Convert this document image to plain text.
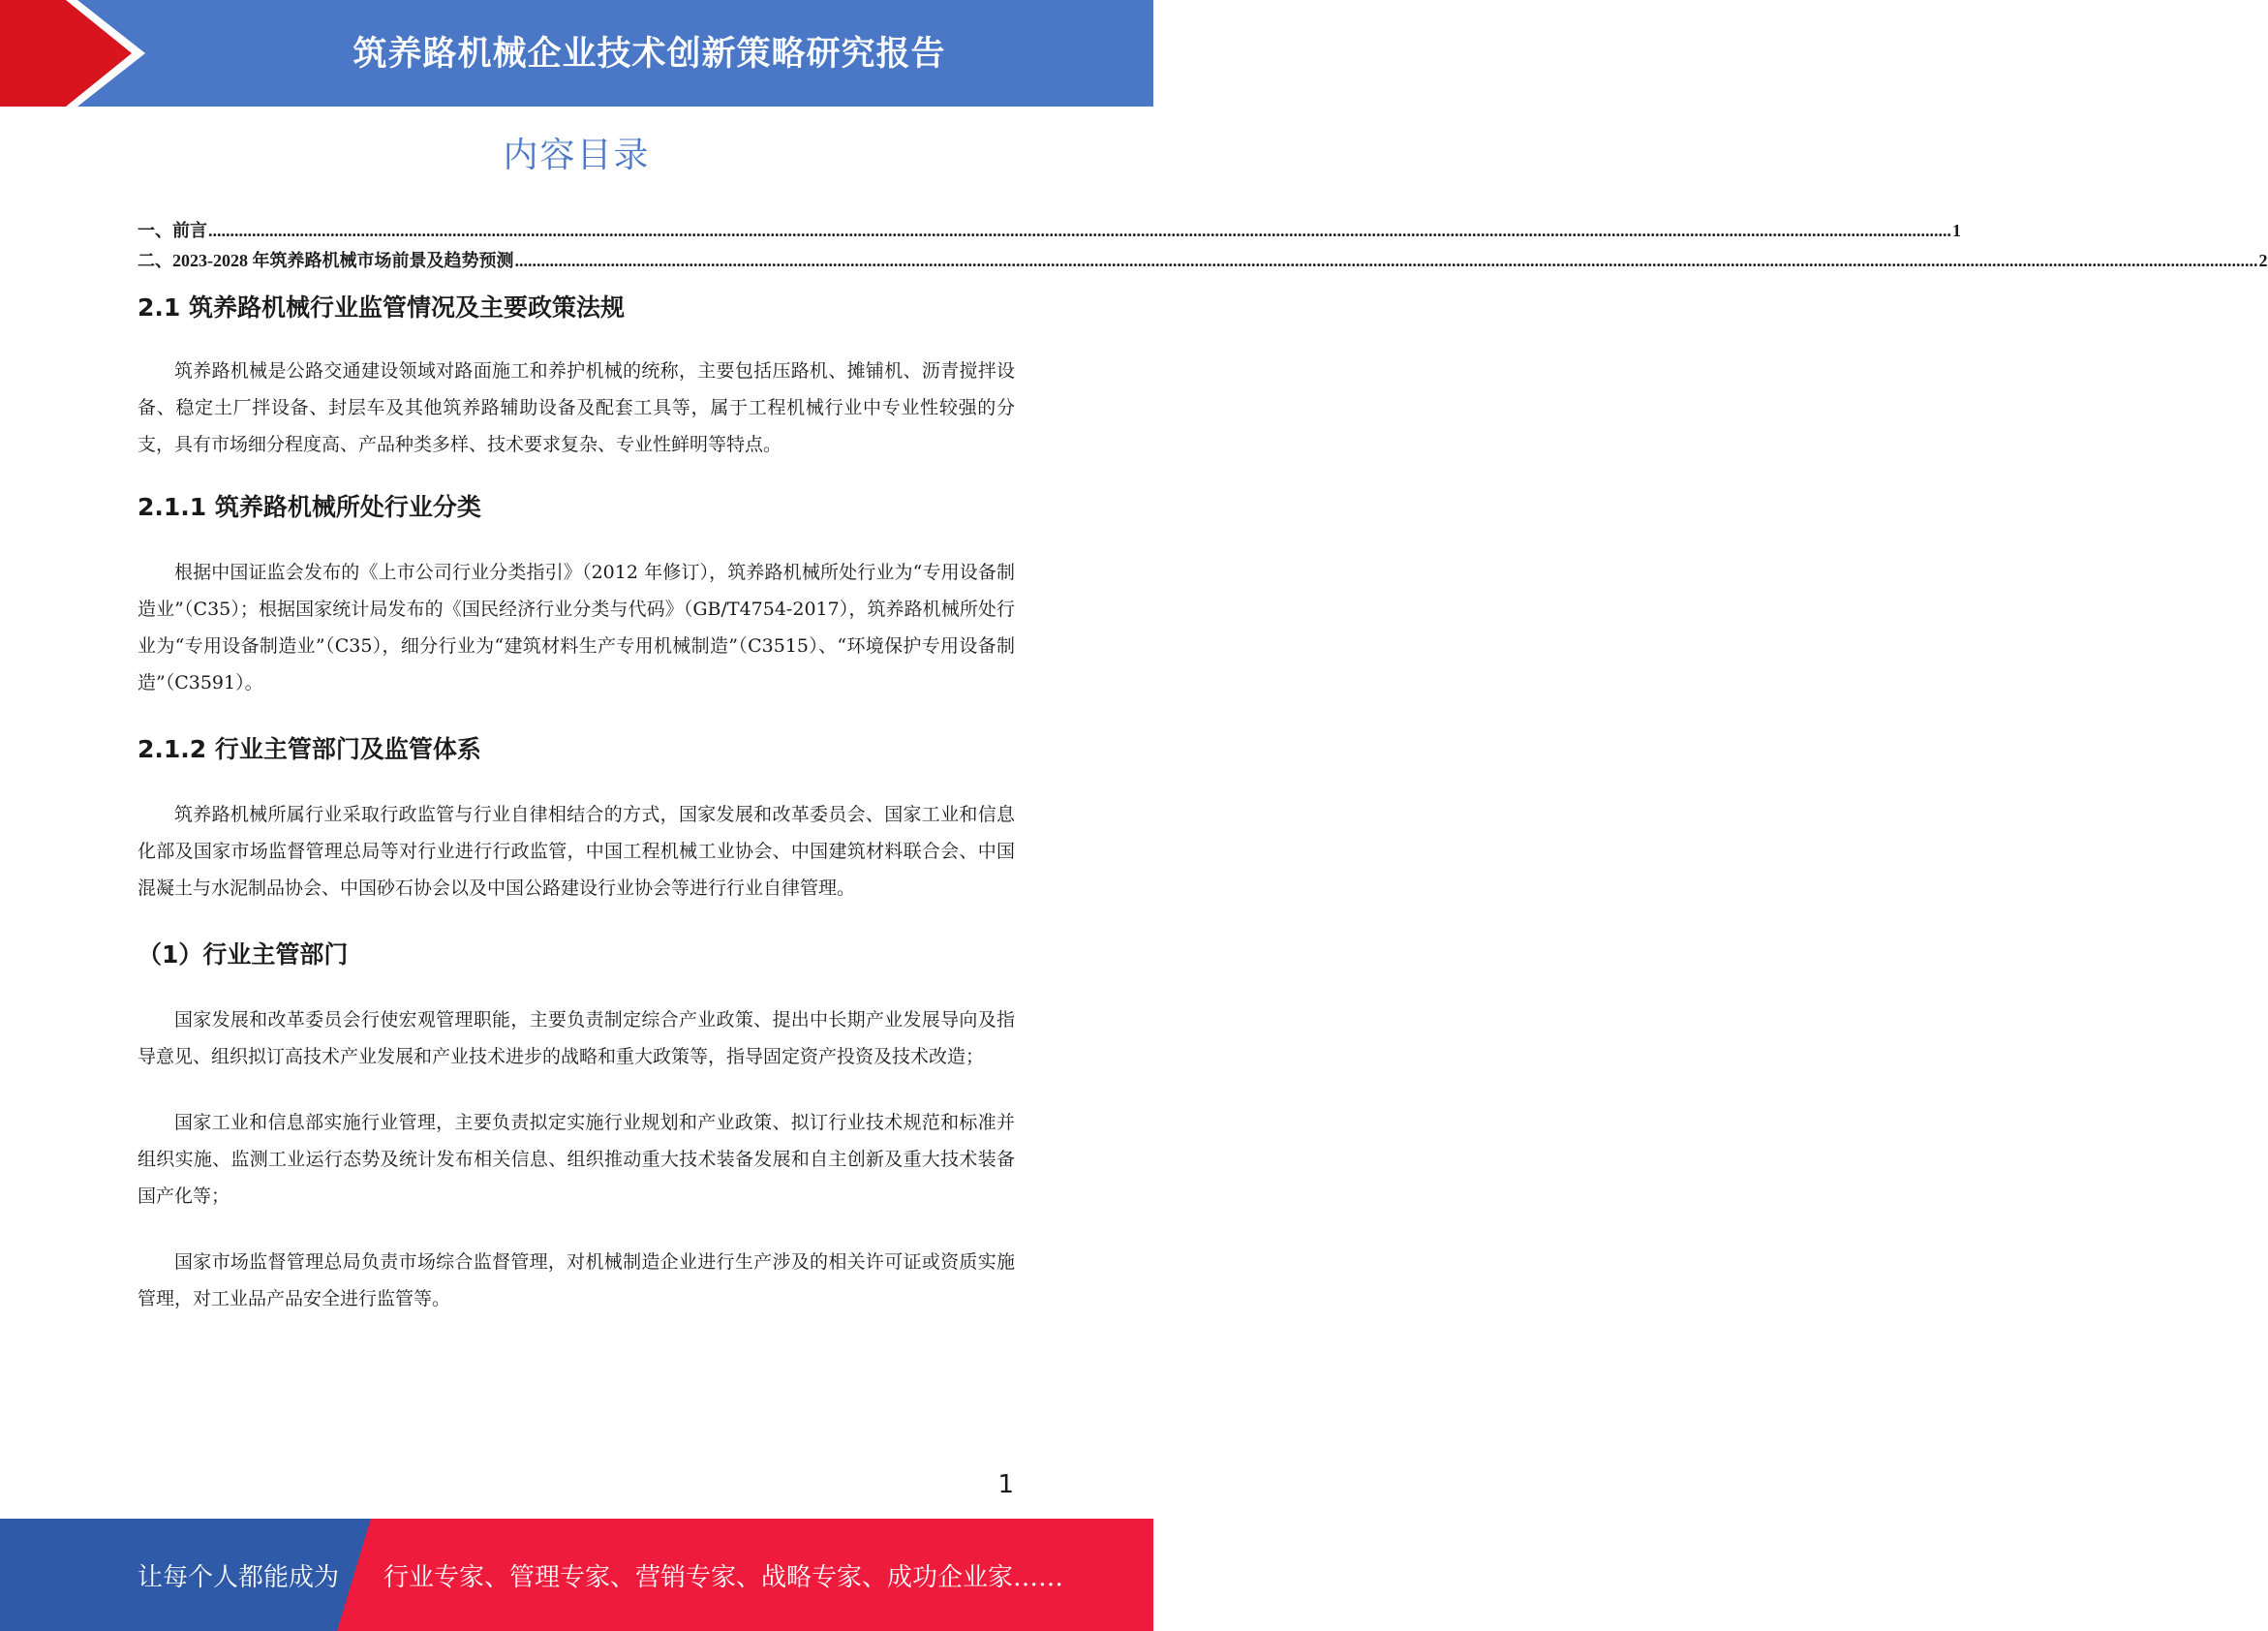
筑养路机械企业技术创新策略研究报告
内容目录
一、前言 ................................................................................................................................................................................................................................................................................................................................................................................................................ 1
二、2023-2028 年筑养路机械市场前景及趋势预测 ................................................................................................................................................................................................................................................................................................................................................................................................................ 2
2.1 筑养路机械行业监管情况及主要政策法规

筑养路机械是公路交通建设领域对路面施工和养护机械的统称，主要包括压路机、摊铺机、沥青搅拌设备、稳定土厂拌设备、封层车及其他筑养路辅助设备及配套工具等，属于工程机械行业中专业性较强的分支，具有市场细分程度高、产品种类多样、技术要求复杂、专业性鲜明等特点。

2.1.1 筑养路机械所处行业分类

根据中国证监会发布的《上市公司行业分类指引》（2012 年修订），筑养路机械所处行业为“专用设备制造业”（C35）；根据国家统计局发布的《国民经济行业分类与代码》（GB/T4754-2017），筑养路机械所处行业为“专用设备制造业”（C35），细分行业为“建筑材料生产专用机械制造”（C3515）、“环境保护专用设备制造”（C3591）。

2.1.2 行业主管部门及监管体系

筑养路机械所属行业采取行政监管与行业自律相结合的方式，国家发展和改革委员会、国家工业和信息化部及国家市场监督管理总局等对行业进行行政监管，中国工程机械工业协会、中国建筑材料联合会、中国混凝土与水泥制品协会、中国砂石协会以及中国公路建设行业协会等进行行业自律管理。

（1）行业主管部门

国家发展和改革委员会行使宏观管理职能，主要负责制定综合产业政策、提出中长期产业发展导向及指导意见、组织拟订高技术产业发展和产业技术进步的战略和重大政策等，指导固定资产投资及技术改造；

国家工业和信息部实施行业管理，主要负责拟定实施行业规划和产业政策、拟订行业技术规范和标准并组织实施、监测工业运行态势及统计发布相关信息、组织推动重大技术装备发展和自主创新及重大技术装备国产化等；

国家市场监督管理总局负责市场综合监督管理，对机械制造企业进行生产涉及的相关许可证或资质实施管理，对工业品产品安全进行监管等。

1
让每个人都能成为 行业专家、管理专家、营销专家、战略专家、成功企业家……
